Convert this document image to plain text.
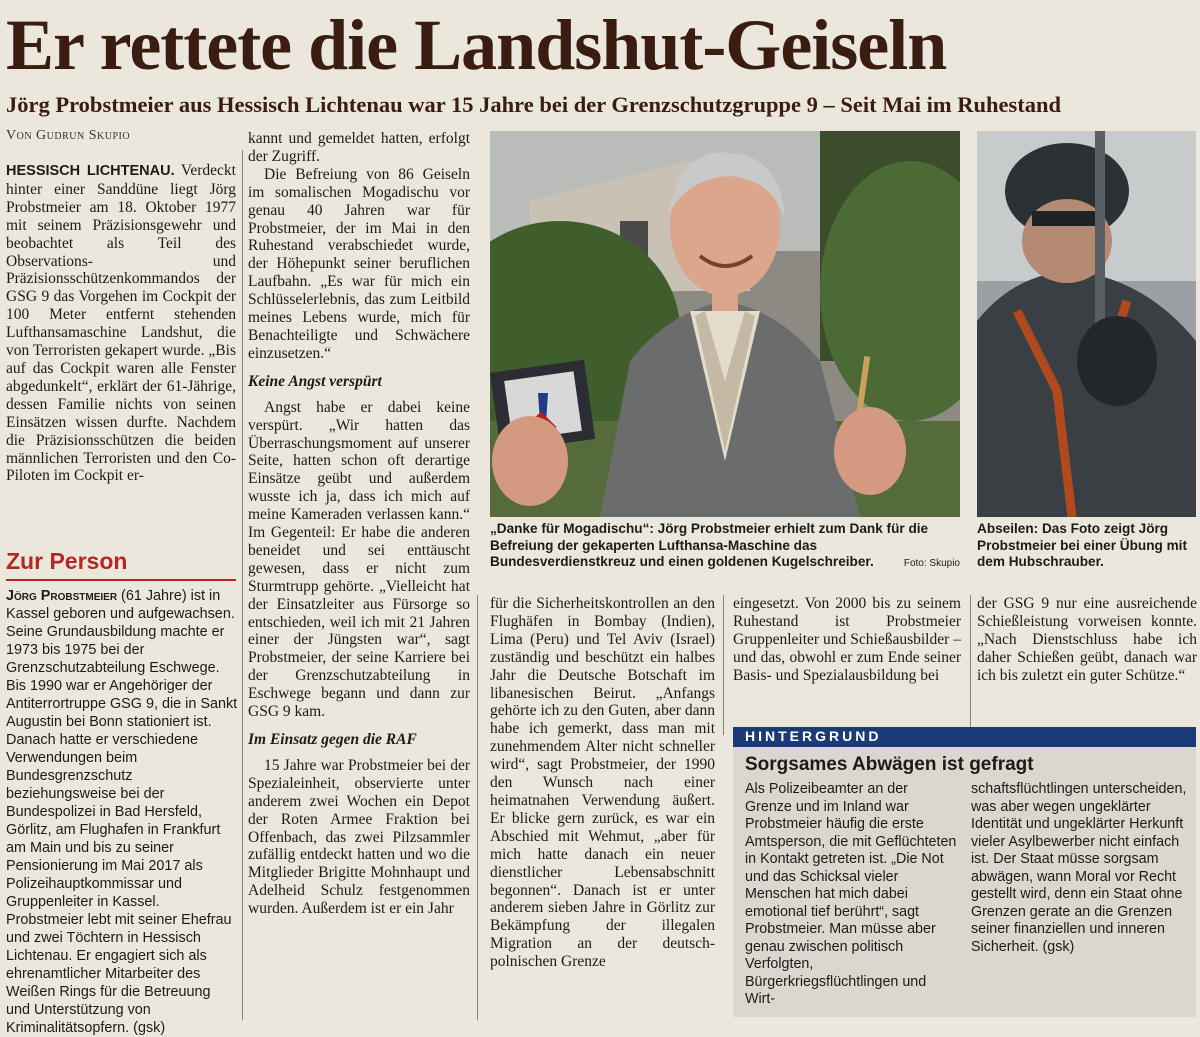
Er rettete die Landshut-Geiseln
Jörg Probstmeier aus Hessisch Lichtenau war 15 Jahre bei der Grenzschutzgruppe 9 – Seit Mai im Ruhestand
Von Gudrun Skupio

HESSISCH LICHTENAU. Verdeckt hinter einer Sanddüne liegt Jörg Probstmeier am 18. Oktober 1977 mit seinem Präzisionsgewehr und beobachtet als Teil des Observations- und Präzisionsschützenkommandos der GSG 9 das Vorgehen im Cockpit der 100 Meter entfernt stehenden Lufthansamaschine Landshut, die von Terroristen gekapert wurde. „Bis auf das Cockpit waren alle Fenster abgedunkelt“, erklärt der 61-Jährige, dessen Familie nichts von seinen Einsätzen wissen durfte. Nachdem die Präzisionsschützen die beiden männlichen Terroristen und den Co-Piloten im Cockpit er-

Zur Person
Jörg Probstmeier (61 Jahre) ist in Kassel geboren und aufgewachsen. Seine Grundausbildung machte er 1973 bis 1975 bei der Grenzschutzabteilung Eschwege. Bis 1990 war er Angehöriger der Antiterrortruppe GSG 9, die in Sankt Augustin bei Bonn stationiert ist. Danach hatte er verschiedene Verwendungen beim Bundesgrenzschutz beziehungsweise bei der Bundespolizei in Bad Hersfeld, Görlitz, am Flughafen in Frankfurt am Main und bis zu seiner Pensionierung im Mai 2017 als Polizeihauptkommissar und Gruppenleiter in Kassel. Probstmeier lebt mit seiner Ehefrau und zwei Töchtern in Hessisch Lichtenau. Er engagiert sich als ehrenamtlicher Mitarbeiter des Weißen Rings für die Betreuung und Unterstützung von Kriminalitätsopfern. (gsk)

kannt und gemeldet hatten, erfolgt der Zugriff.

Die Befreiung von 86 Geiseln im somalischen Mogadischu vor genau 40 Jahren war für Probstmeier, der im Mai in den Ruhestand verabschiedet wurde, der Höhepunkt seiner beruflichen Laufbahn. „Es war für mich ein Schlüsselerlebnis, das zum Leitbild meines Lebens wurde, mich für Benachteiligte und Schwächere einzusetzen.“

Keine Angst verspürt

Angst habe er dabei keine verspürt. „Wir hatten das Überraschungsmoment auf unserer Seite, hatten schon oft derartige Einsätze geübt und außerdem wusste ich ja, dass ich mich auf meine Kameraden verlassen kann.“ Im Gegenteil: Er habe die anderen beneidet und sei enttäuscht gewesen, dass er nicht zum Sturmtrupp gehörte. „Vielleicht hat der Einsatzleiter aus Fürsorge so entschieden, weil ich mit 21 Jahren einer der Jüngsten war“, sagt Probstmeier, der seine Karriere bei der Grenzschutzabteilung in Eschwege begann und dann zur GSG 9 kam.

Im Einsatz gegen die RAF

15 Jahre war Probstmeier bei der Spezialeinheit, observierte unter anderem zwei Wochen ein Depot der Roten Armee Fraktion bei Offenbach, das zwei Pilzsammler zufällig entdeckt hatten und wo die Mitglieder Brigitte Mohnhaupt und Adelheid Schulz festgenommen wurden. Außerdem ist er ein Jahr

„Danke für Mogadischu“: Jörg Probstmeier erhielt zum Dank für die Befreiung der gekaperten Lufthansa-Maschine das Bundesverdienstkreuz und einen goldenen Kugelschreiber.	Foto: Skupio
Abseilen: Das Foto zeigt Jörg Probstmeier bei einer Übung mit dem Hubschrauber.

für die Sicherheitskontrollen an den Flughäfen in Bombay (Indien), Lima (Peru) und Tel Aviv (Israel) zuständig und beschützt ein halbes Jahr die Deutsche Botschaft im libanesischen Beirut. „Anfangs gehörte ich zu den Guten, aber dann habe ich gemerkt, dass man mit zunehmendem Alter nicht schneller wird“, sagt Probstmeier, der 1990 den Wunsch nach einer heimatnahen Verwendung äußert. Er blicke gern zurück, es war ein Abschied mit Wehmut, „aber für mich hatte danach ein neuer dienstlicher Lebensabschnitt begonnen“. Danach ist er unter anderem sieben Jahre in Görlitz zur Bekämpfung der illegalen Migration an der deutsch-polnischen Grenze

eingesetzt. Von 2000 bis zu seinem Ruhestand ist Probstmeier Gruppenleiter und Schießausbilder – und das, obwohl er zum Ende seiner Basis- und Spezialausbildung bei

der GSG 9 nur eine ausreichende Schießleistung vorweisen konnte. „Nach Dienstschluss habe ich daher Schießen geübt, danach war ich bis zuletzt ein guter Schütze.“

HINTERGRUND
Sorgsames Abwägen ist gefragt
Als Polizeibeamter an der Grenze und im Inland war Probstmeier häufig die erste Amtsperson, die mit Geflüchteten in Kontakt getreten ist. „Die Not und das Schicksal vieler Menschen hat mich dabei emotional tief berührt“, sagt Probstmeier. Man müsse aber genau zwischen politisch Verfolgten, Bürgerkriegsflüchtlingen und Wirt-
schaftsflüchtlingen unterscheiden, was aber wegen ungeklärter Identität und ungeklärter Herkunft vieler Asylbewerber nicht einfach ist. Der Staat müsse sorgsam abwägen, wann Moral vor Recht gestellt wird, denn ein Staat ohne Grenzen gerate an die Grenzen seiner finanziellen und inneren Sicherheit. (gsk)
